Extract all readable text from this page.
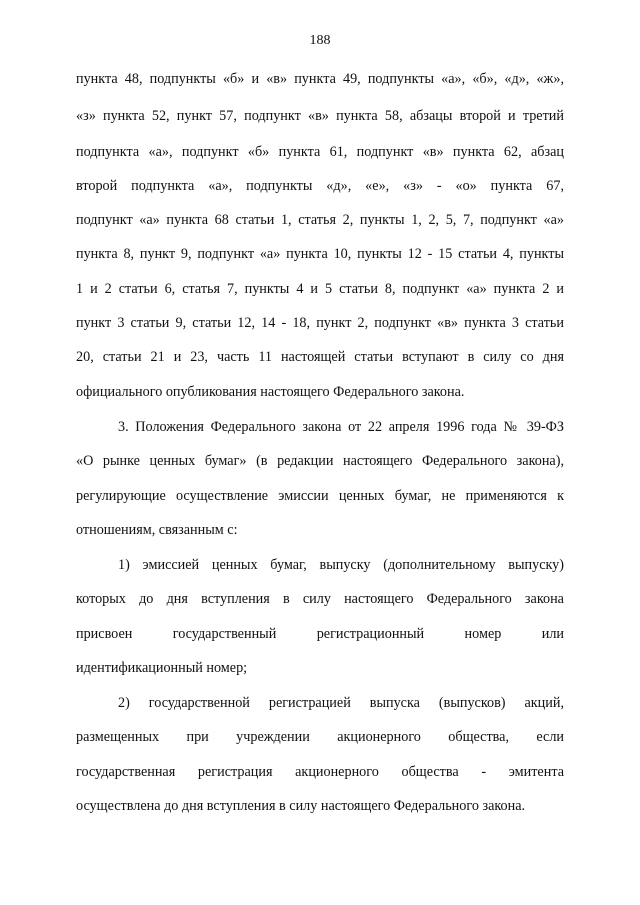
188
пункта 48, подпункты «б» и «в» пункта 49, подпункты «а», «б», «д», «ж»,
«з» пункта 52, пункт 57, подпункт «в» пункта 58, абзацы второй и третий
подпункта «а», подпункт «б» пункта 61, подпункт «в» пункта 62, абзац
второй подпункта «а», подпункты «д», «е», «з» - «о» пункта 67,
подпункт «а» пункта 68 статьи 1, статья 2, пункты 1, 2, 5, 7, подпункт «а»
пункта 8, пункт 9, подпункт «а» пункта 10, пункты 12 - 15 статьи 4, пункты
1 и 2 статьи 6, статья 7, пункты 4 и 5 статьи 8, подпункт «а» пункта 2 и
пункт 3 статьи 9, статьи 12, 14 - 18, пункт 2, подпункт «в» пункта 3 статьи
20, статьи 21 и 23, часть 11 настоящей статьи вступают в силу со дня
официального опубликования настоящего Федерального закона.
3. Положения Федерального закона от 22 апреля 1996 года № 39-ФЗ
«О рынке ценных бумаг» (в редакции настоящего Федерального закона),
регулирующие осуществление эмиссии ценных бумаг, не применяются к
отношениям, связанным с:
1) эмиссией ценных бумаг, выпуску (дополнительному выпуску)
которых до дня вступления в силу настоящего Федерального закона
присвоен государственный регистрационный номер или
идентификационный номер;
2) государственной регистрацией выпуска (выпусков) акций,
размещенных при учреждении акционерного общества, если
государственная регистрация акционерного общества - эмитента
осуществлена до дня вступления в силу настоящего Федерального закона.
